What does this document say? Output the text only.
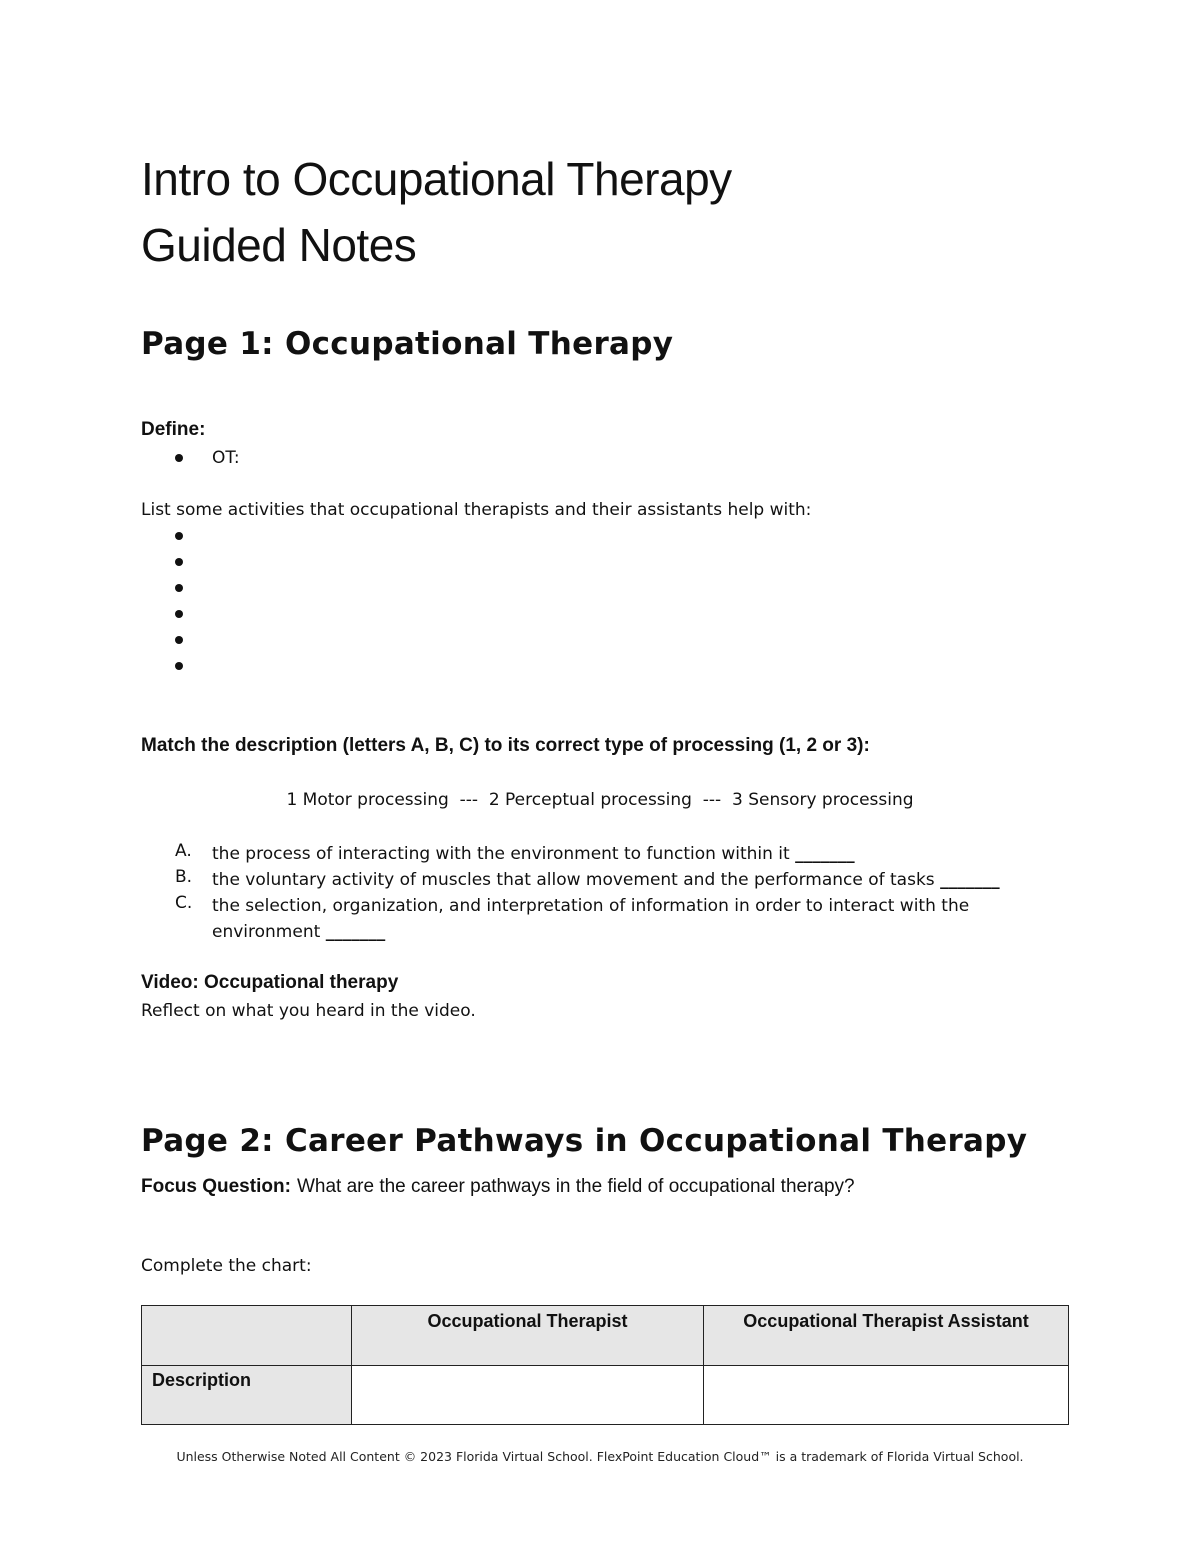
Intro to Occupational Therapy
Guided Notes
Page 1: Occupational Therapy
Define:
OT:
List some activities that occupational therapists and their assistants help with:
Match the description (letters A, B, C) to its correct type of processing (1, 2 or 3):
1 Motor processing  ---  2 Perceptual processing  ---  3 Sensory processing
A. the process of interacting with the environment to function within it _______
B. the voluntary activity of muscles that allow movement and the performance of tasks _______
C. the selection, organization, and interpretation of information in order to interact with the environment _______
Video: Occupational therapy
Reflect on what you heard in the video.
Page 2: Career Pathways in Occupational Therapy
Focus Question: What are the career pathways in the field of occupational therapy?
Complete the chart:
	Occupational Therapist	Occupational Therapist Assistant
Description		
Unless Otherwise Noted All Content © 2023 Florida Virtual School. FlexPoint Education Cloud™ is a trademark of Florida Virtual School.
